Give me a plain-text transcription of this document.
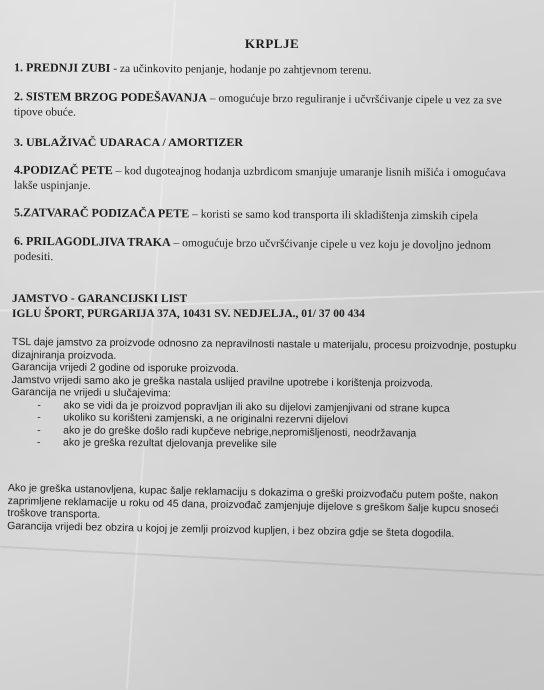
KRPLJE
1. PREDNJI ZUBI - za učinkovito penjanje, hodanje po zahtjevnom terenu.
2. SISTEM BRZOG PODEŠAVANJA – omogućuje brzo reguliranje i učvršćivanje cipele u vez za sve tipove obuće.
3. UBLAŽIVAČ UDARACA / AMORTIZER
4.PODIZAČ PETE – kod dugoteajnog hodanja uzbrdicom smanjuje umaranje lisnih mišića i omogućava lakše uspinjanje.
5.ZATVARAČ PODIZAČA PETE – koristi se samo kod transporta ili skladištenja zimskih cipela
6. PRILAGODLJIVA TRAKA – omogućuje brzo učvršćivanje cipele u vez koju je dovoljno jednom podesiti.
JAMSTVO - GARANCIJSKI LIST
IGLU ŠPORT, PURGARIJA 37A, 10431 SV. NEDJELJA., 01/ 37 00 434

TSL daje jamstvo za proizvode odnosno za nepravilnosti nastale u materijalu, procesu proizvodnje, postupku dizajniranja proizvoda.

Garancija vrijedi 2 godine od isporuke proizvoda.

Jamstvo vrijedi samo ako je greška nastala uslijed pravilne upotrebe i korištenja proizvoda.

Garancija ne vrijedi u slučajevima:

- ako se vidi da je proizvod popravljan ili ako su dijelovi zamjenjivani od strane kupca
- ukoliko su korišteni zamjenski, a ne originalni rezervni dijelovi
- ako je do greške došlo radi kupčeve nebrige,nepromišljenosti, neodržavanja
- ako je greška rezultat djelovanja prevelike sile

Ako je greška ustanovljena, kupac šalje reklamaciju s dokazima o greški proizvođaču putem pošte, nakon zaprimljene reklamacije u roku od 45 dana, proizvođač zamjenjuje dijelove s greškom šalje kupcu snoseći troškove transporta.

Garancija vrijedi bez obzira u kojoj je zemlji proizvod kupljen, i bez obzira gdje se šteta dogodila.
